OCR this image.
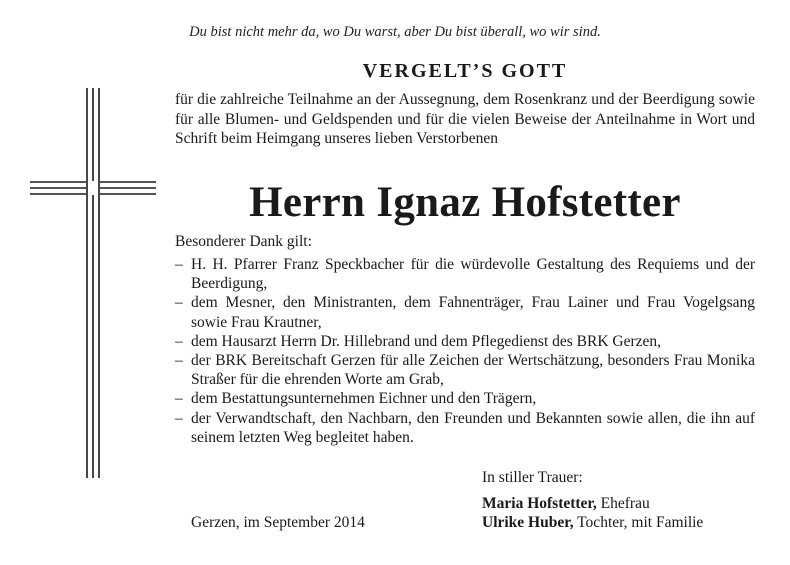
Du bist nicht mehr da, wo Du warst, aber Du bist überall, wo wir sind.
VERGELT’S GOTT
für die zahlreiche Teilnahme an der Aussegnung, dem Rosenkranz und der Beerdigung sowie für alle Blumen- und Geldspenden und für die vielen Beweise der Anteilnahme in Wort und Schrift beim Heimgang unseres lieben Verstorbenen
Herrn Ignaz Hofstetter
Besonderer Dank gilt:
– H. H. Pfarrer Franz Speckbacher für die würdevolle Gestaltung des Requiems und der Beerdigung,
– dem Mesner, den Ministranten, dem Fahnenträger, Frau Lainer und Frau Vogelgsang sowie Frau Krautner,
– dem Hausarzt Herrn Dr. Hillebrand und dem Pflegedienst des BRK Gerzen,
– der BRK Bereitschaft Gerzen für alle Zeichen der Wertschätzung, besonders Frau Monika Straßer für die ehrenden Worte am Grab,
– dem Bestattungsunternehmen Eichner und den Trägern,
– der Verwandtschaft, den Nachbarn, den Freunden und Bekannten sowie allen, die ihn auf seinem letzten Weg begleitet haben.
In stiller Trauer:
Maria Hofstetter, Ehefrau
Ulrike Huber, Tochter, mit Familie
Gerzen, im September 2014
